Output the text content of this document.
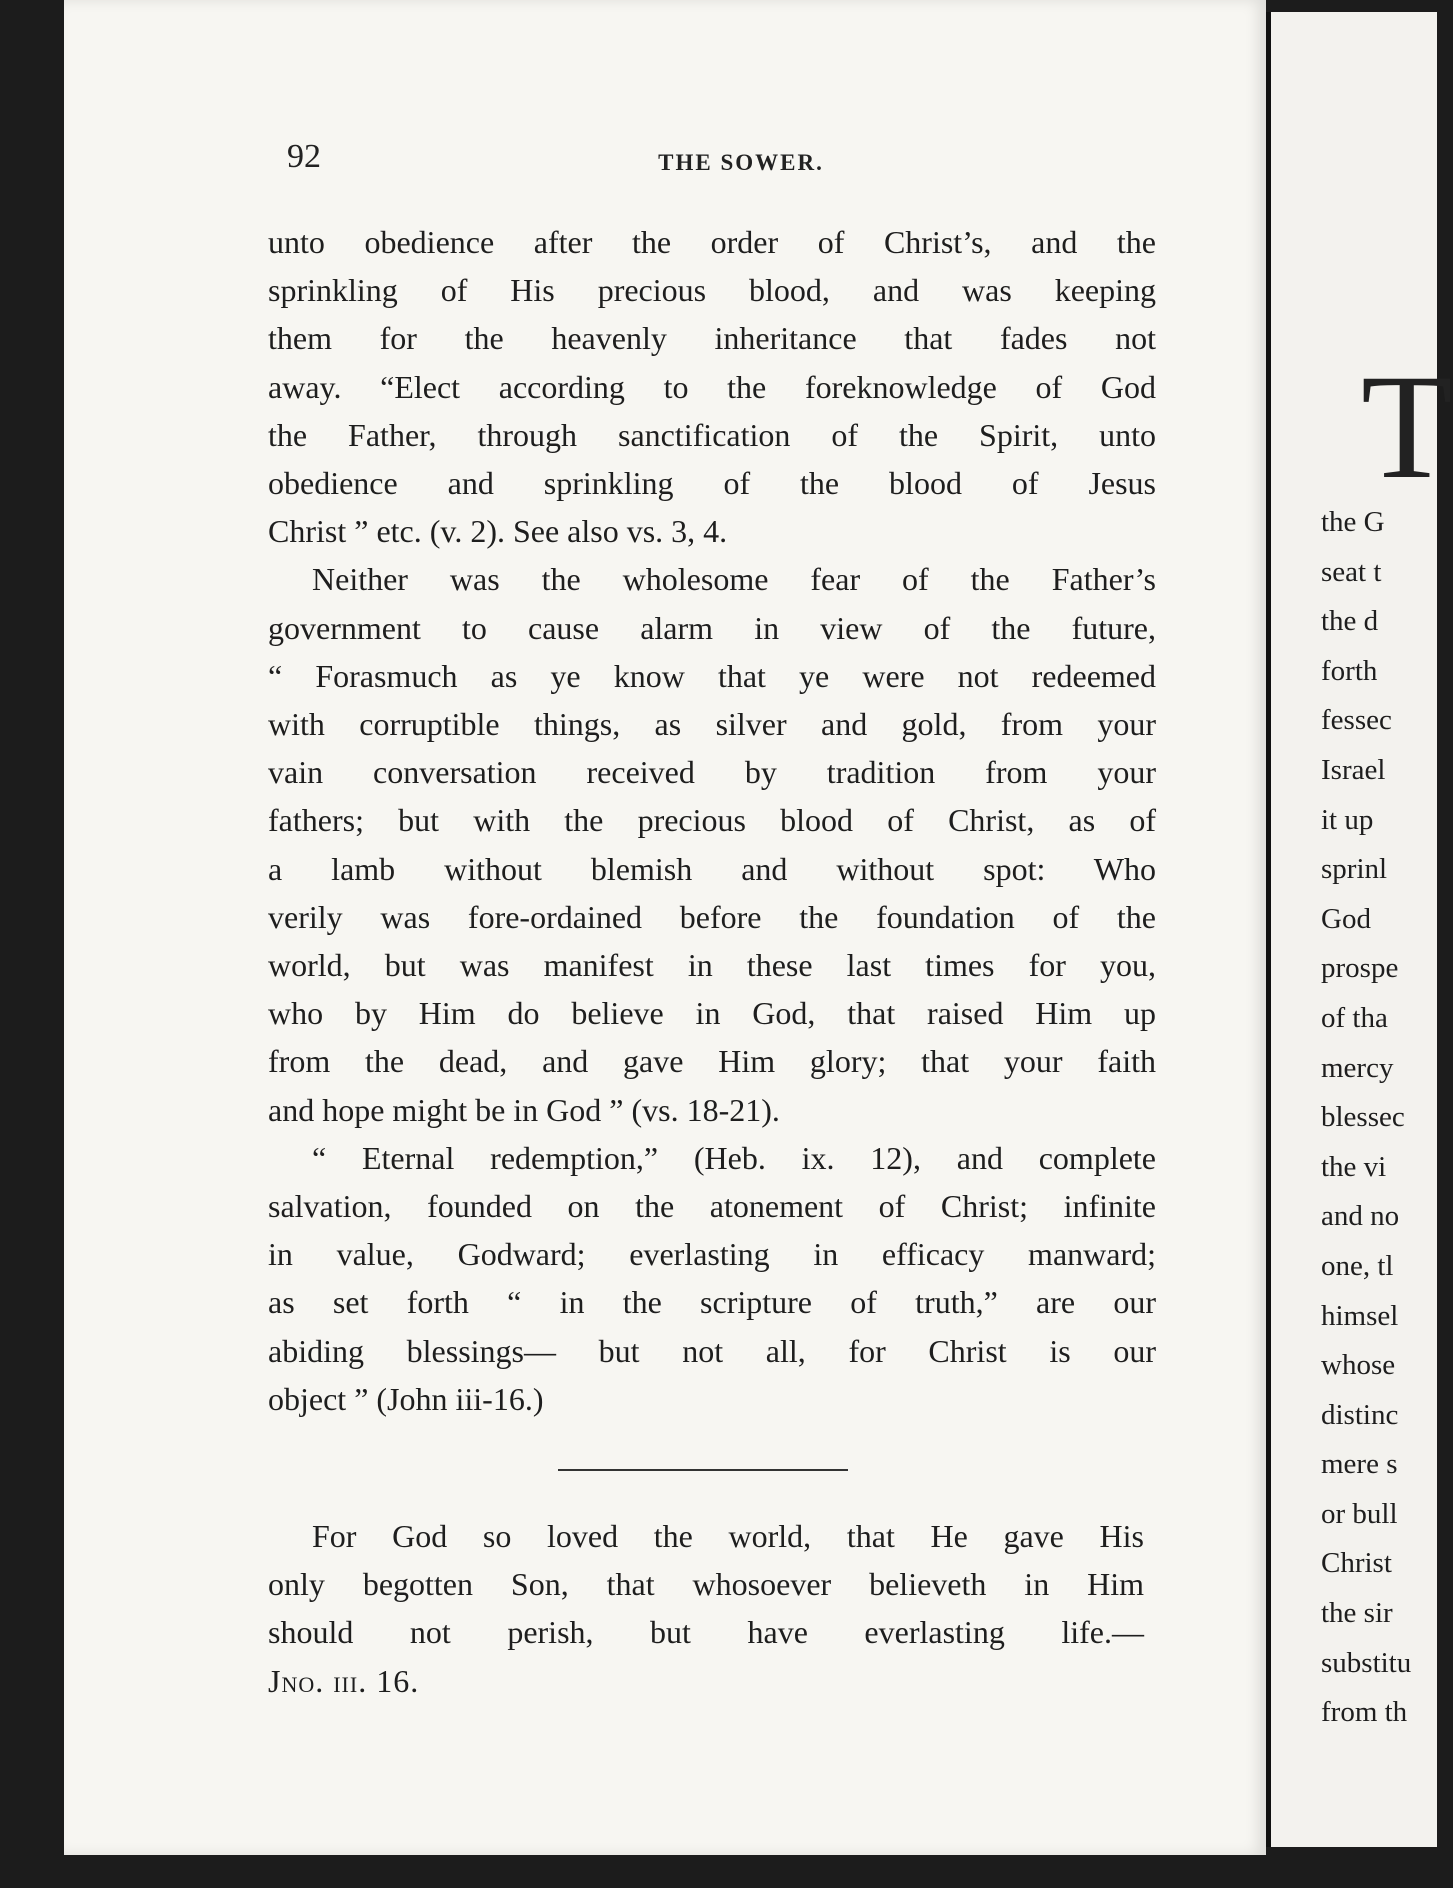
92	THE SOWER.

unto obedience after the order of Christ’s, and the
sprinkling of His precious blood, and was keeping
them for the heavenly inheritance that fades not
away. “Elect according to the foreknowledge of God
the Father, through sanctification of the Spirit, unto
obedience and sprinkling of the blood of Jesus
Christ ” etc. (v. 2). See also vs. 3, 4.

Neither was the wholesome fear of the Father’s
government to cause alarm in view of the future,
“ Forasmuch as ye know that ye were not redeemed
with corruptible things, as silver and gold, from your
vain conversation received by tradition from your
fathers; but with the precious blood of Christ, as of
a lamb without blemish and without spot: Who
verily was fore-ordained before the foundation of the
world, but was manifest in these last times for you,
who by Him do believe in God, that raised Him up
from the dead, and gave Him glory; that your faith
and hope might be in God ” (vs. 18-21).

“ Eternal redemption,” (Heb. ix. 12), and complete
salvation, founded on the atonement of Christ; infinite
in value, Godward; everlasting in efficacy manward;
as set forth “ in the scripture of truth,” are our
abiding blessings— but not all, for Christ is our
object ” (John iii-16.)

For God so loved the world, that He gave His
only begotten Son, that whosoever believeth in Him
should not perish, but have everlasting life.—
Jno. iii. 16.
T
the G
seat t
the d
forth
fessec
Israel
it up
sprinl
God
prospe
of tha
mercy
blessec
the vi
and no
one, tl
himsel
whose
distinc
mere s
or bull
Christ
the sir
substitu
from th
